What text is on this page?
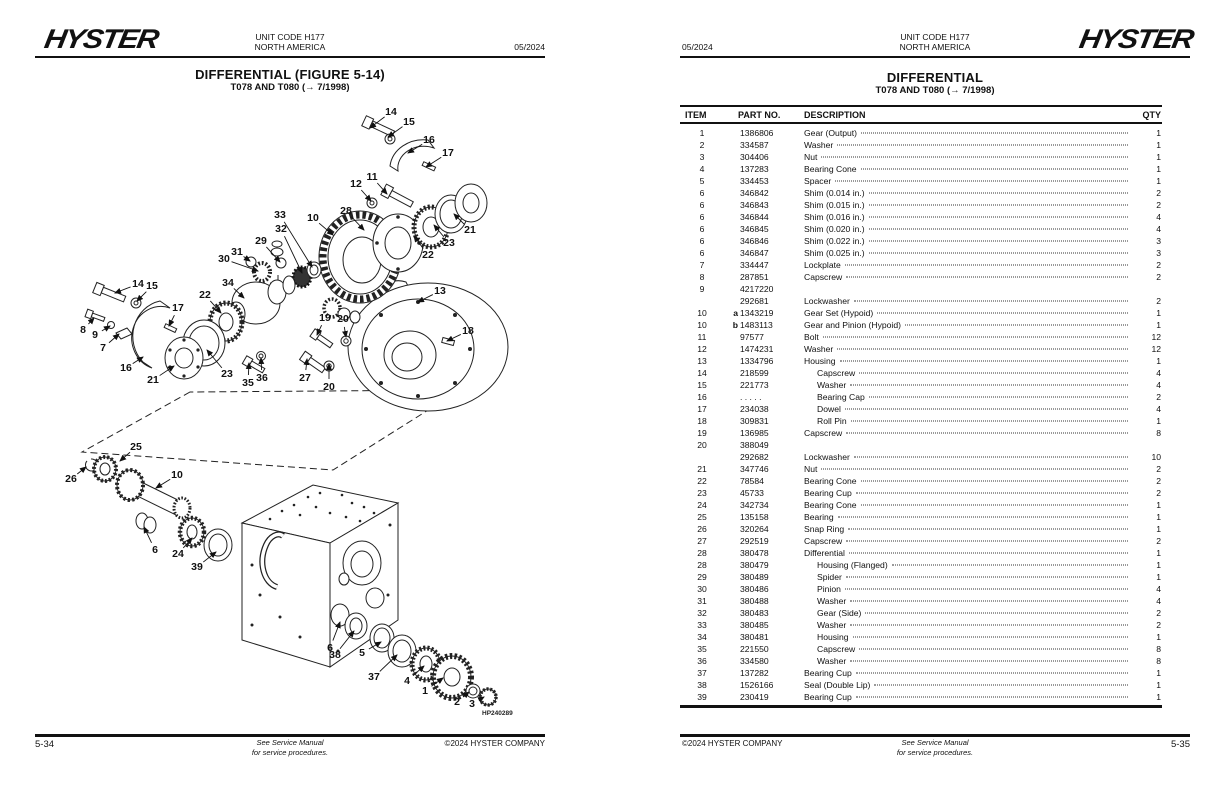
HYSTER	UNIT CODE H177
NORTH AMERICA	05/2024
DIFFERENTIAL (FIGURE 5-14)
T078 AND T080 (→ 7/1998)
14
15
16
17
11
12
28
10
33
32	21
23
22
29
31
30
34
22
14 15
17
8 9
7
16
21	23
35 36
19 20
27
20
13
18
25
26	10
6 24
39
6
38 5
37 4
1
2 3
HP240289
5-34	See Service Manual
for service procedures.
©2024 HYSTER COMPANY
05/2024
UNIT CODE H177
NORTH AMERICA	HYSTER
DIFFERENTIAL
T078 AND T080 (→ 7/1998)
©2024 HYSTER COMPANY	See Service Manual
for service procedures.
5-35
ITEM	PART NO.	DESCRIPTION	QTY
1	1386806	Gear (Output)	1
2	334587	Washer	1
3	304406	Nut	1
4	137283	Bearing Cone	1
5	334453	Spacer	1
6	346842	Shim (0.014 in.)	2
6	346843	Shim (0.015 in.)	2
6	346844	Shim (0.016 in.)	4
6	346845	Shim (0.020 in.)	4
6	346846	Shim (0.022 in.)	3
6	346847	Shim (0.025 in.)	3
7	334447	Lockplate	2
8	287851	Capscrew	2
9	4217220
292681	Lockwasher	2
10	a 1343219	Gear Set (Hypoid)	1
10	b 1483113	Gear and Pinion (Hypoid)	1
11	97577	Bolt	12
12	1474231	Washer	12
13	1334796	Housing	1
14	218599	Capscrew	4
15	221773	Washer	4
16	. . . . .	Bearing Cap	2
17	234038	Dowel	4
18	309831	Roll Pin	1
19	136985	Capscrew	8
20	388049
292682	Lockwasher	10
21	347746	Nut	2
22	78584	Bearing Cone	2
23	45733	Bearing Cup	2
24	342734	Bearing Cone	1
25	135158	Bearing	1
26	320264	Snap Ring	1
27	292519	Capscrew	2
28	380478	Differential	1
28	380479	Housing (Flanged)	1
29	380489	Spider	1
30	380486	Pinion	4
31	380488	Washer	4
32	380483	Gear (Side)	2
33	380485	Washer	2
34	380481	Housing	1
35	221550	Capscrew	8
36	334580	Washer	8
37	137282	Bearing Cup	1
38	1526166	Seal (Double Lip)	1
39	230419	Bearing Cup	1
